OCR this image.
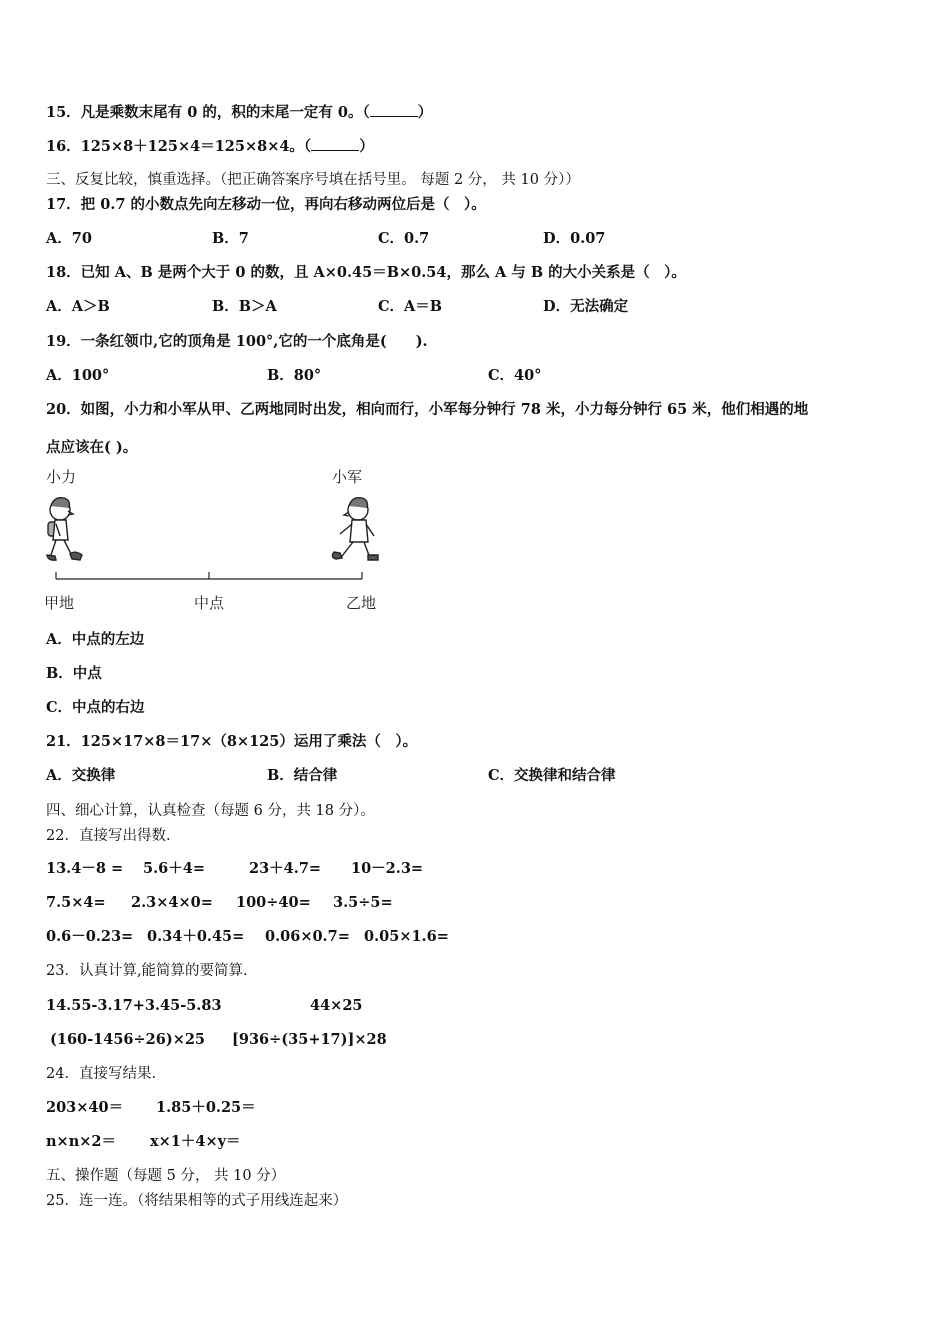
15．凡是乘数末尾有 0 的，积的末尾一定有 0。（	）
16．125×8＋125×4＝125×8×4。（	）
三、反复比较，慎重选择。（把正确答案序号填在括号里。 每题 2 分， 共 10 分））
17．把 0.7 的小数点先向左移动一位，再向右移动两位后是（　）。
A．70	B．7	C．0.7	D．0.07
18．已知 A、B 是两个大于 0 的数，且 A×0.45＝B×0.54，那么 A 与 B 的大小关系是（　）。
A．A＞B	B．B＞A	C．A＝B	D．无法确定
19．一条红领巾,它的顶角是 100°,它的一个底角是(　　).
A．100°	B．80°	C．40°
20．如图，小力和小军从甲、乙两地同时出发，相向而行，小军每分钟行 78 米，小力每分钟行 65 米，他们相遇的地
点应该在( )。
小力	小军
甲地	中点	乙地
A．中点的左边
B．中点
C．中点的右边
21．125×17×8＝17×（8×125）运用了乘法（　）。
A．交换律	B．结合律	C．交换律和结合律
四、细心计算，认真检查（每题 6 分，共 18 分）。
22．直接写出得数.
13.4－8 = 5.6＋4=	23＋4.7= 10－2.3=
7.5×4= 2.3×4×0= 100÷40= 3.5÷5=
0.6－0.23= 0.34＋0.45= 0.06×0.7= 0.05×1.6=
23．认真计算,能简算的要简算.
14.55-3.17+3.45-5.83	44×25
(160-1456÷26)×25 [936÷(35+17)]×28
24．直接写结果.
203×40＝ 1.85＋0.25＝
n×n×2＝ x×1＋4×y＝
五、操作题（每题 5 分， 共 10 分）
25．连一连。（将结果相等的式子用线连起来）
